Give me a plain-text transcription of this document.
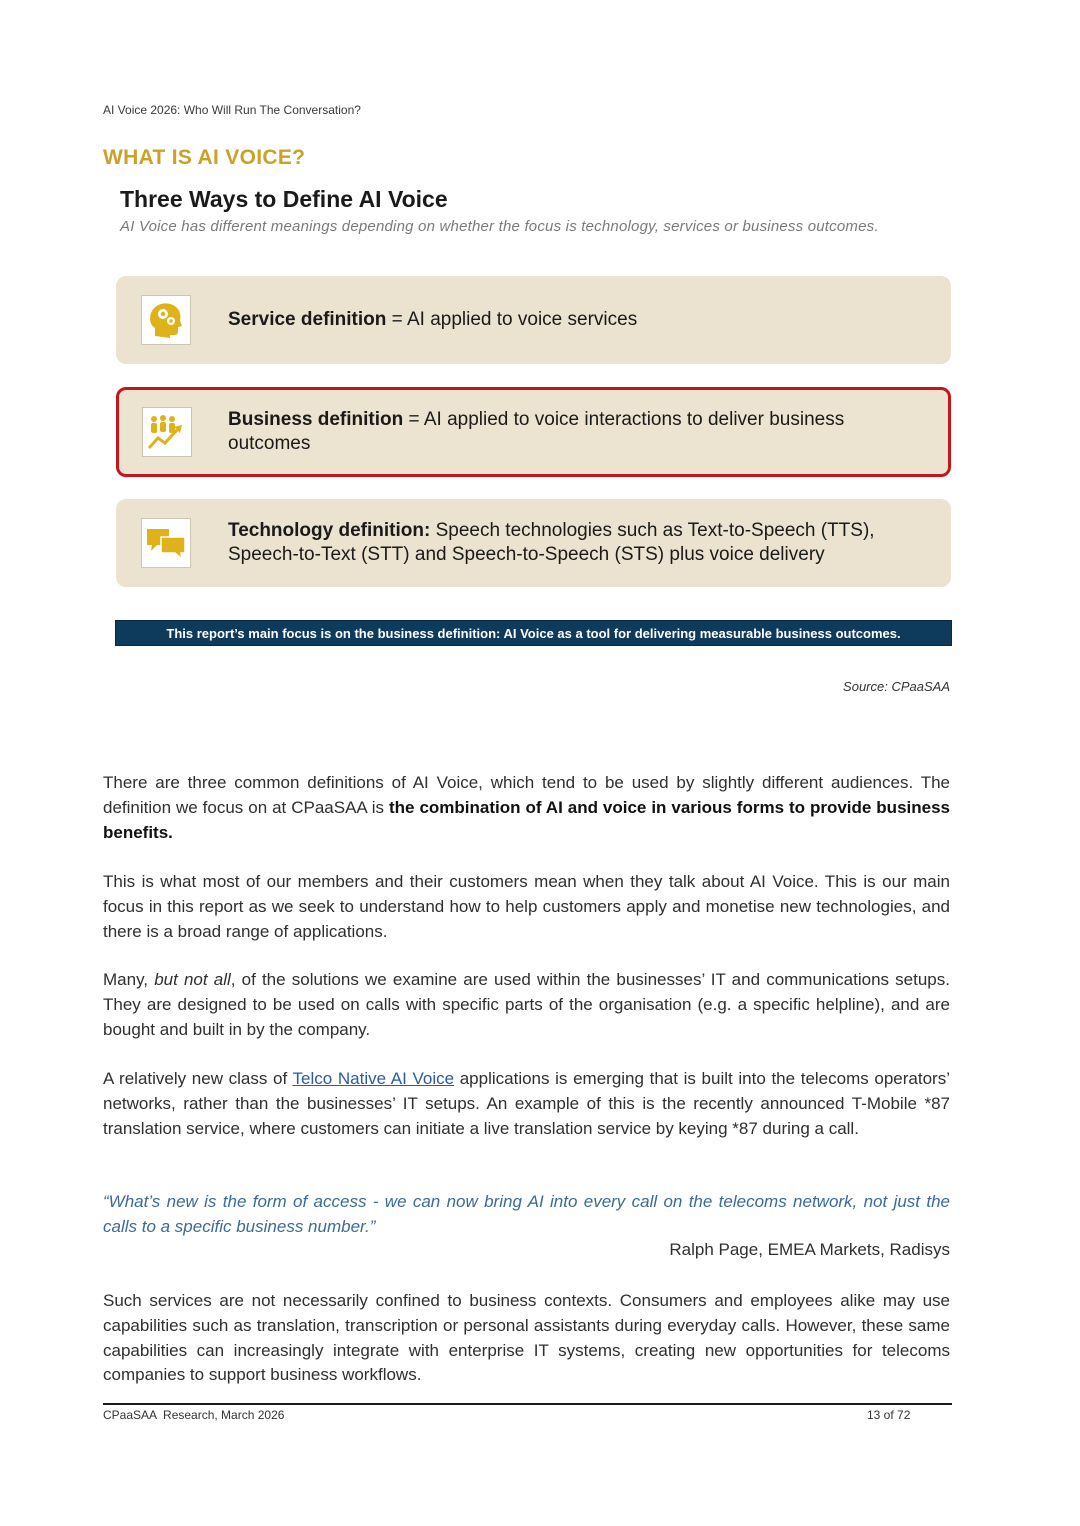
AI Voice 2026: Who Will Run The Conversation?
WHAT IS AI VOICE?
Three Ways to Define AI Voice
AI Voice has different meanings depending on whether the focus is technology, services or business outcomes.
Service definition = AI applied to voice services
Business definition = AI applied to voice interactions to deliver business outcomes
Technology definition: Speech technologies such as Text-to-Speech (TTS), Speech-to-Text (STT) and Speech-to-Speech (STS) plus voice delivery
This report’s main focus is on the business definition: AI Voice as a tool for delivering measurable business outcomes.
Source: CPaaSAA

There are three common definitions of AI Voice, which tend to be used by slightly different audiences. The definition we focus on at CPaaSAA is the combination of AI and voice in various forms to provide business benefits.

This is what most of our members and their customers mean when they talk about AI Voice. This is our main focus in this report as we seek to understand how to help customers apply and monetise new technologies, and there is a broad range of applications.

Many, but not all, of the solutions we examine are used within the businesses’ IT and communications setups. They are designed to be used on calls with specific parts of the organisation (e.g. a specific helpline), and are bought and built in by the company.

A relatively new class of Telco Native AI Voice applications is emerging that is built into the telecoms operators’ networks, rather than the businesses’ IT setups. An example of this is the recently announced T-Mobile *87 translation service, where customers can initiate a live translation service by keying *87 during a call.

“What’s new is the form of access - we can now bring AI into every call on the telecoms network, not just the calls to a specific business number.”

Ralph Page, EMEA Markets, Radisys

Such services are not necessarily confined to business contexts. Consumers and employees alike may use capabilities such as translation, transcription or personal assistants during everyday calls. However, these same capabilities can increasingly integrate with enterprise IT systems, creating new opportunities for telecoms companies to support business workflows.

CPaaSAA  Research, March 2026	13 of 72
